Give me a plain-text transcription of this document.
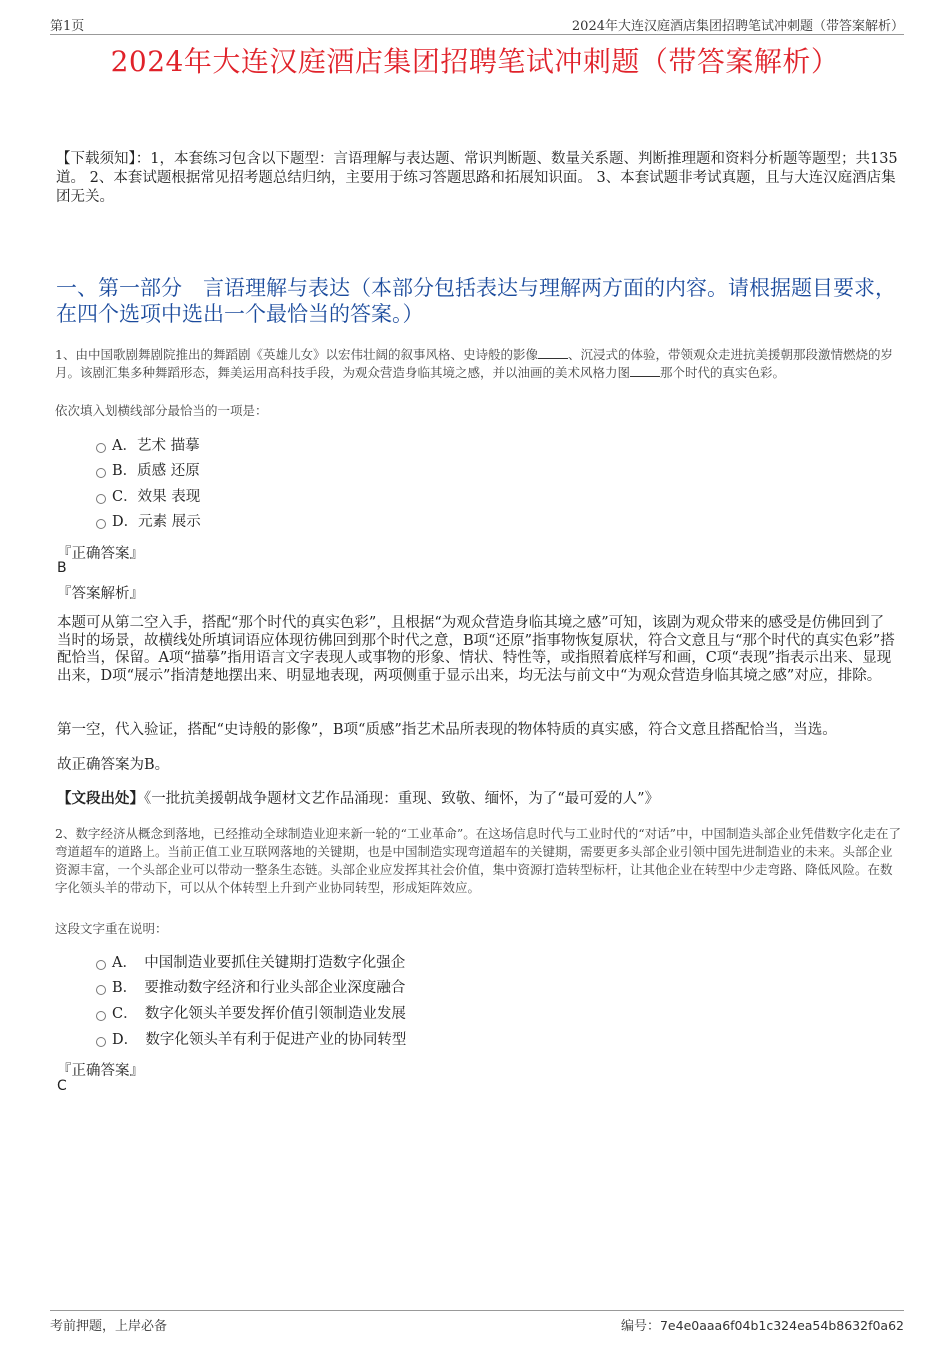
第1页	2024年大连汉庭酒店集团招聘笔试冲刺题（带答案解析）
2024年大连汉庭酒店集团招聘笔试冲刺题（带答案解析）
【下载须知】：1，本套练习包含以下题型：言语理解与表达题、常识判断题、数量关系题、判断推理题和资料分析题等题型；共135道。 2、本套试题根据常见招考题总结归纳，主要用于练习答题思路和拓展知识面。 3、本套试题非考试真题，且与大连汉庭酒店集团无关。
一、第一部分　言语理解与表达（本部分包括表达与理解两方面的内容。请根据题目要求，在四个选项中选出一个最恰当的答案。）
1、由中国歌剧舞剧院推出的舞蹈剧《英雄儿女》以宏伟壮阔的叙事风格、史诗般的影像 、沉浸式的体验，带领观众走进抗美援朝那段激情燃烧的岁月。该剧汇集多种舞蹈形态，舞美运用高科技手段，为观众营造身临其境之感，并以油画的美术风格力图 那个时代的真实色彩。
依次填入划横线部分最恰当的一项是：
A．艺术 描摹
B．质感 还原
C．效果 表现
D．元素 展示
『正确答案』
B
『答案解析』
本题可从第二空入手，搭配“那个时代的真实色彩”，且根据“为观众营造身临其境之感”可知，该剧为观众带来的感受是仿佛回到了当时的场景，故横线处所填词语应体现彷佛回到那个时代之意，B项“还原”指事物恢复原状，符合文意且与“那个时代的真实色彩”搭配恰当，保留。A项“描摹”指用语言文字表现人或事物的形象、情状、特性等，或指照着底样写和画，C项“表现”指表示出来、显现出来，D项“展示”指清楚地摆出来、明显地表现，两项侧重于显示出来，均无法与前文中“为观众营造身临其境之感”对应，排除。
第一空，代入验证，搭配“史诗般的影像”，B项“质感”指艺术品所表现的物体特质的真实感，符合文意且搭配恰当，当选。
故正确答案为B。
【文段出处】《一批抗美援朝战争题材文艺作品涌现：重现、致敬、缅怀，为了“最可爱的人”》
2、数字经济从概念到落地，已经推动全球制造业迎来新一轮的“工业革命”。在这场信息时代与工业时代的“对话”中，中国制造头部企业凭借数字化走在了弯道超车的道路上。当前正值工业互联网落地的关键期，也是中国制造实现弯道超车的关键期，需要更多头部企业引领中国先进制造业的未来。头部企业资源丰富，一个头部企业可以带动一整条生态链。头部企业应发挥其社会价值，集中资源打造转型标杆，让其他企业在转型中少走弯路、降低风险。在数字化领头羊的带动下，可以从个体转型上升到产业协同转型，形成矩阵效应。
这段文字重在说明：
A．　中国制造业要抓住关键期打造数字化强企
B．　要推动数字经济和行业头部企业深度融合
C．　数字化领头羊要发挥价值引领制造业发展
D．　数字化领头羊有利于促进产业的协同转型
『正确答案』
C
考前押题，上岸必备	编号：7e4e0aaa6f04b1c324ea54b8632f0a62
